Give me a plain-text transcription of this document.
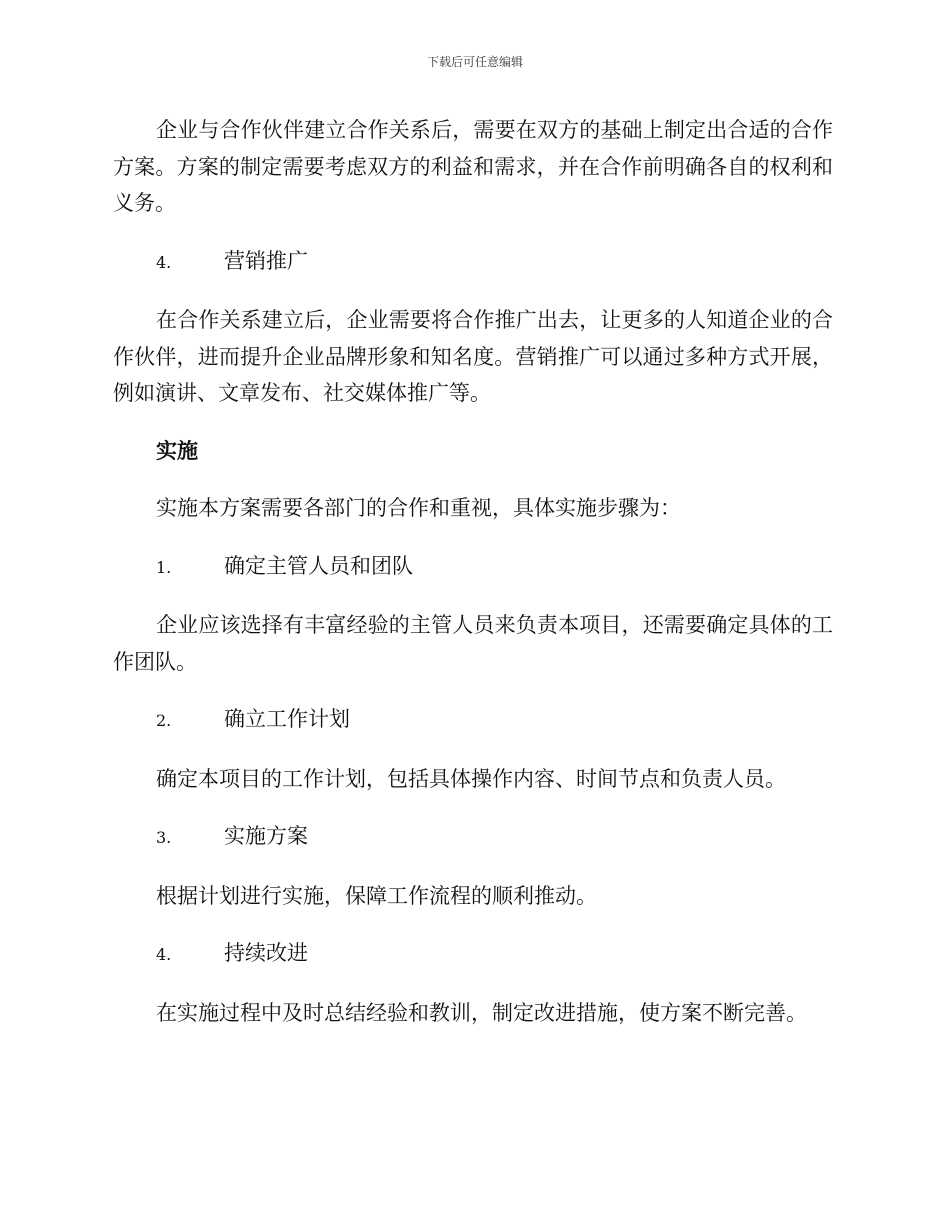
下载后可任意编辑

企业与合作伙伴建立合作关系后，需要在双方的基础上制定出合适的合作方案。方案的制定需要考虑双方的利益和需求，并在合作前明确各自的权利和义务。

4.	营销推广

在合作关系建立后，企业需要将合作推广出去，让更多的人知道企业的合作伙伴，进而提升企业品牌形象和知名度。营销推广可以通过多种方式开展，例如演讲、文章发布、社交媒体推广等。

实施

实施本方案需要各部门的合作和重视，具体实施步骤为：

1.	确定主管人员和团队

企业应该选择有丰富经验的主管人员来负责本项目，还需要确定具体的工作团队。

2.	确立工作计划

确定本项目的工作计划，包括具体操作内容、时间节点和负责人员。

3.	实施方案

根据计划进行实施，保障工作流程的顺利推动。

4.	持续改进

在实施过程中及时总结经验和教训，制定改进措施，使方案不断完善。
